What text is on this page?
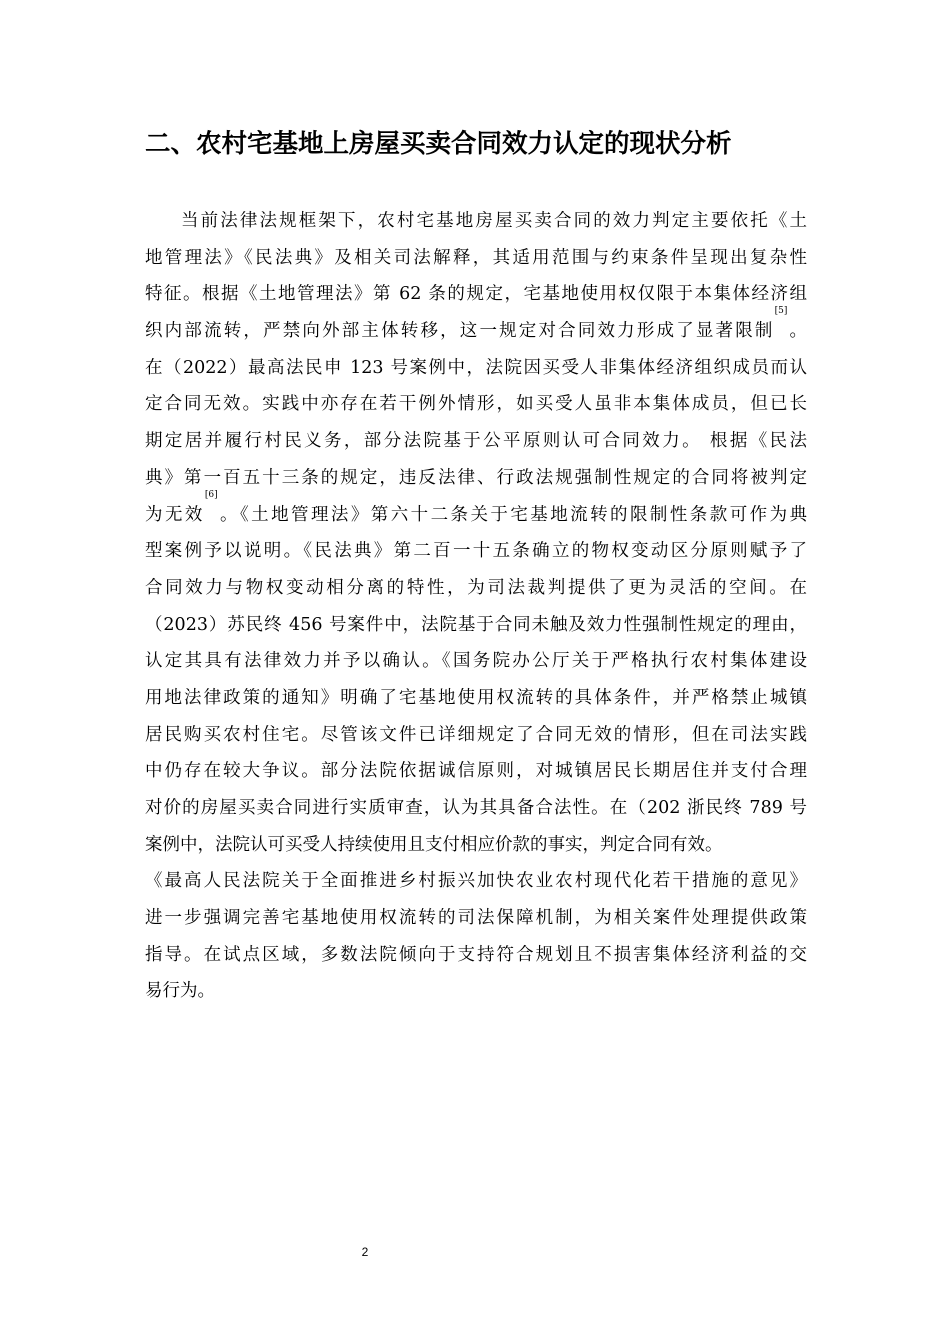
二、农村宅基地上房屋买卖合同效力认定的现状分析
当前法律法规框架下，农村宅基地房屋买卖合同的效力判定主要依托《土
地管理法》《民法典》及相关司法解释，其适用范围与约束条件呈现出复杂性
特征。根据《土地管理法》第 62 条的规定，宅基地使用权仅限于本集体经济组
织内部流转，严禁向外部主体转移，这一规定对合同效力形成了显著限制[5]。
在（2022）最高法民申 123 号案例中，法院因买受人非集体经济组织成员而认
定合同无效。实践中亦存在若干例外情形，如买受人虽非本集体成员，但已长
期定居并履行村民义务，部分法院基于公平原则认可合同效力。 根据《民法
典》第一百五十三条的规定，违反法律、行政法规强制性规定的合同将被判定
为无效[6]。《土地管理法》第六十二条关于宅基地流转的限制性条款可作为典
型案例予以说明。《民法典》第二百一十五条确立的物权变动区分原则赋予了
合同效力与物权变动相分离的特性，为司法裁判提供了更为灵活的空间。在
（2023）苏民终 456 号案件中，法院基于合同未触及效力性强制性规定的理由，
认定其具有法律效力并予以确认。《国务院办公厅关于严格执行农村集体建设
用地法律政策的通知》明确了宅基地使用权流转的具体条件，并严格禁止城镇
居民购买农村住宅。尽管该文件已详细规定了合同无效的情形，但在司法实践
中仍存在较大争议。部分法院依据诚信原则，对城镇居民长期居住并支付合理
对价的房屋买卖合同进行实质审查，认为其具备合法性。在（202 浙民终 789 号
案例中，法院认可买受人持续使用且支付相应价款的事实，判定合同有效。
《最高人民法院关于全面推进乡村振兴加快农业农村现代化若干措施的意见》
进一步强调完善宅基地使用权流转的司法保障机制，为相关案件处理提供政策
指导。在试点区域，多数法院倾向于支持符合规划且不损害集体经济利益的交
易行为。
2
